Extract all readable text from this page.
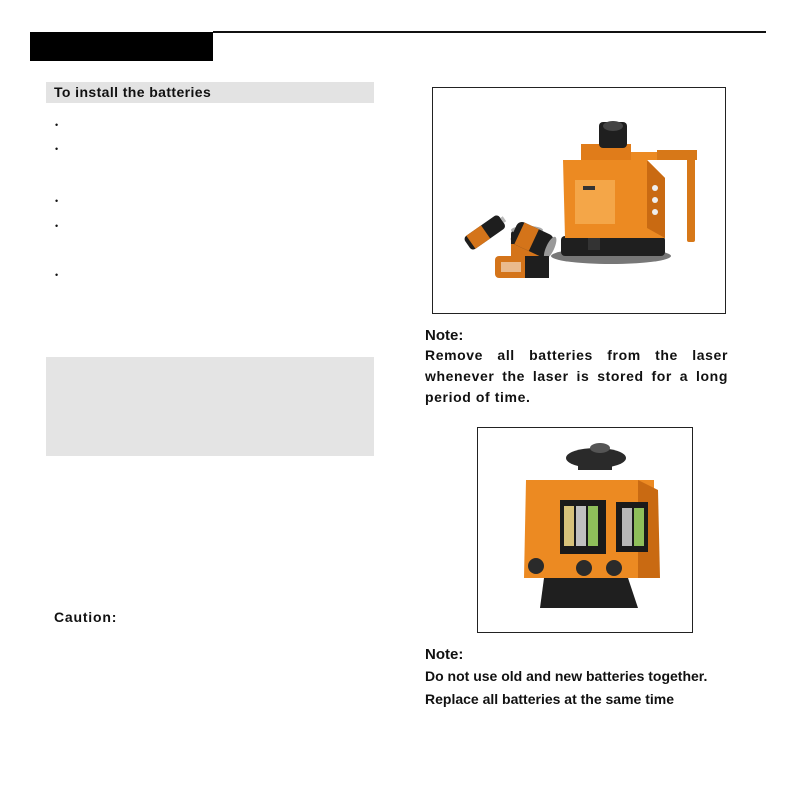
To install the batteries
•
•
•
•
•
Caution:
Note:
Remove all batteries from the laser whenever the laser is stored for a long period of time.
Note:
Do not use old and new batteries together.
Replace all batteries at the same time
